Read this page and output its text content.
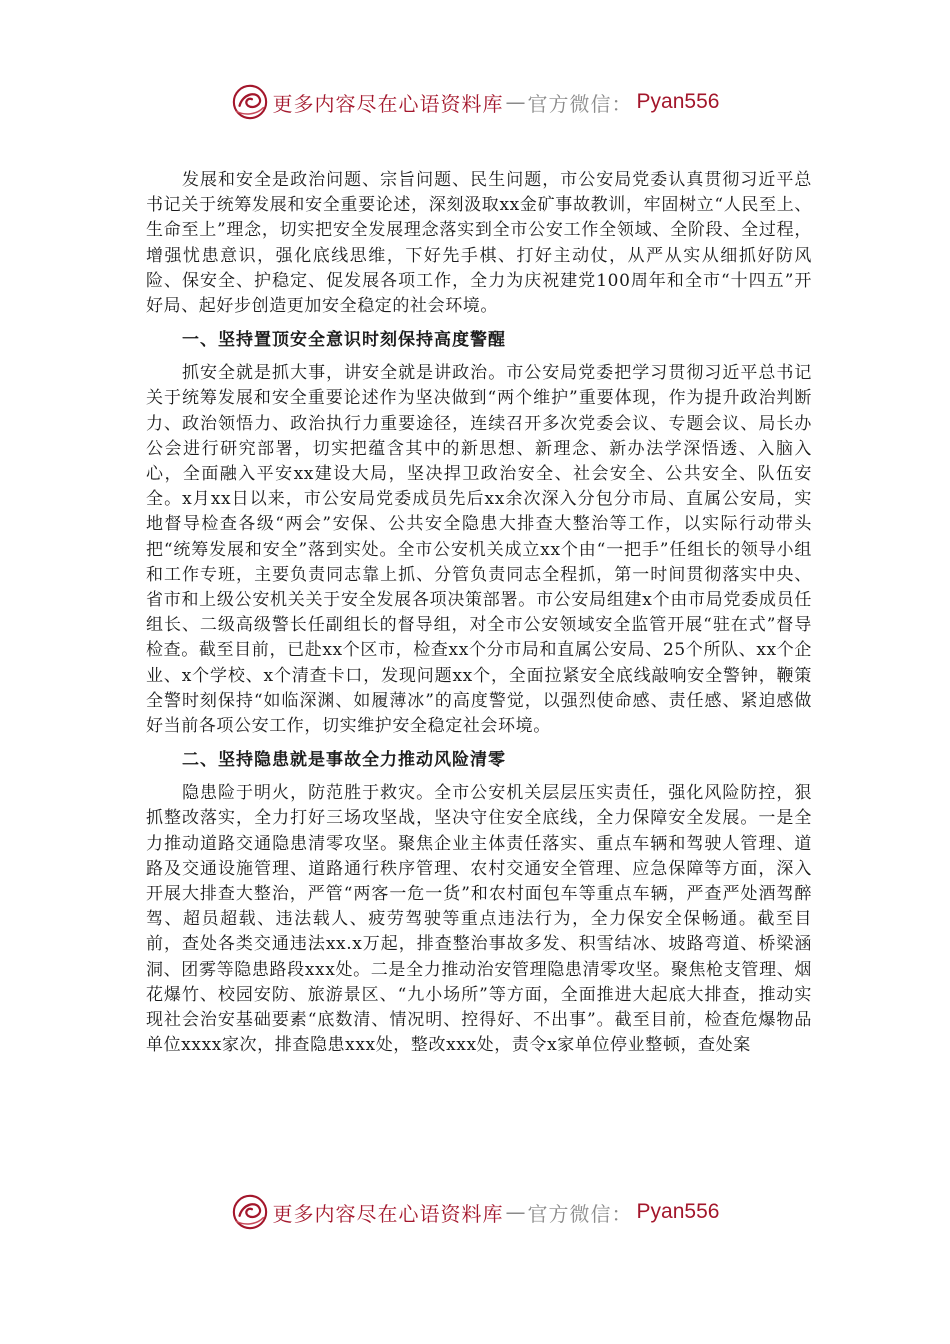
更多内容尽在心语资料库 — 官方微信： Pyan556

发展和安全是政治问题、宗旨问题、民生问题，市公安局党委认真贯彻习近平总书记关于统筹发展和安全重要论述，深刻汲取xx金矿事故教训，牢固树立“人民至上、生命至上”理念，切实把安全发展理念落实到全市公安工作全领域、全阶段、全过程，增强忧患意识，强化底线思维，下好先手棋、打好主动仗，从严从实从细抓好防风险、保安全、护稳定、促发展各项工作，全力为庆祝建党100周年和全市“十四五”开好局、起好步创造更加安全稳定的社会环境。

一、坚持置顶安全意识时刻保持高度警醒

抓安全就是抓大事，讲安全就是讲政治。市公安局党委把学习贯彻习近平总书记关于统筹发展和安全重要论述作为坚决做到“两个维护”重要体现，作为提升政治判断力、政治领悟力、政治执行力重要途径，连续召开多次党委会议、专题会议、局长办公会进行研究部署，切实把蕴含其中的新思想、新理念、新办法学深悟透、入脑入心，全面融入平安xx建设大局，坚决捍卫政治安全、社会安全、公共安全、队伍安全。x月xx日以来，市公安局党委成员先后xx余次深入分包分市局、直属公安局，实地督导检查各级“两会”安保、公共安全隐患大排查大整治等工作，以实际行动带头把“统筹发展和安全”落到实处。全市公安机关成立xx个由“一把手”任组长的领导小组和工作专班，主要负责同志靠上抓、分管负责同志全程抓，第一时间贯彻落实中央、省市和上级公安机关关于安全发展各项决策部署。市公安局组建x个由市局党委成员任组长、二级高级警长任副组长的督导组，对全市公安领域安全监管开展“驻在式”督导检查。截至目前，已赴xx个区市，检查xx个分市局和直属公安局、25个所队、xx个企业、x个学校、x个清查卡口，发现问题xx个，全面拉紧安全底线敲响安全警钟，鞭策全警时刻保持“如临深渊、如履薄冰”的高度警觉，以强烈使命感、责任感、紧迫感做好当前各项公安工作，切实维护安全稳定社会环境。

二、坚持隐患就是事故全力推动风险清零

隐患险于明火，防范胜于救灾。全市公安机关层层压实责任，强化风险防控，狠抓整改落实，全力打好三场攻坚战，坚决守住安全底线，全力保障安全发展。一是全力推动道路交通隐患清零攻坚。聚焦企业主体责任落实、重点车辆和驾驶人管理、道路及交通设施管理、道路通行秩序管理、农村交通安全管理、应急保障等方面，深入开展大排查大整治，严管“两客一危一货”和农村面包车等重点车辆，严查严处酒驾醉驾、超员超载、违法载人、疲劳驾驶等重点违法行为，全力保安全保畅通。截至目前，查处各类交通违法xx.x万起，排查整治事故多发、积雪结冰、坡路弯道、桥梁涵洞、团雾等隐患路段xxx处。二是全力推动治安管理隐患清零攻坚。聚焦枪支管理、烟花爆竹、校园安防、旅游景区、“九小场所”等方面，全面推进大起底大排查，推动实现社会治安基础要素“底数清、情况明、控得好、不出事”。截至目前，检查危爆物品单位xxxx家次，排查隐患xxx处，整改xxx处，责令x家单位停业整顿，查处案

更多内容尽在心语资料库 — 官方微信： Pyan556
